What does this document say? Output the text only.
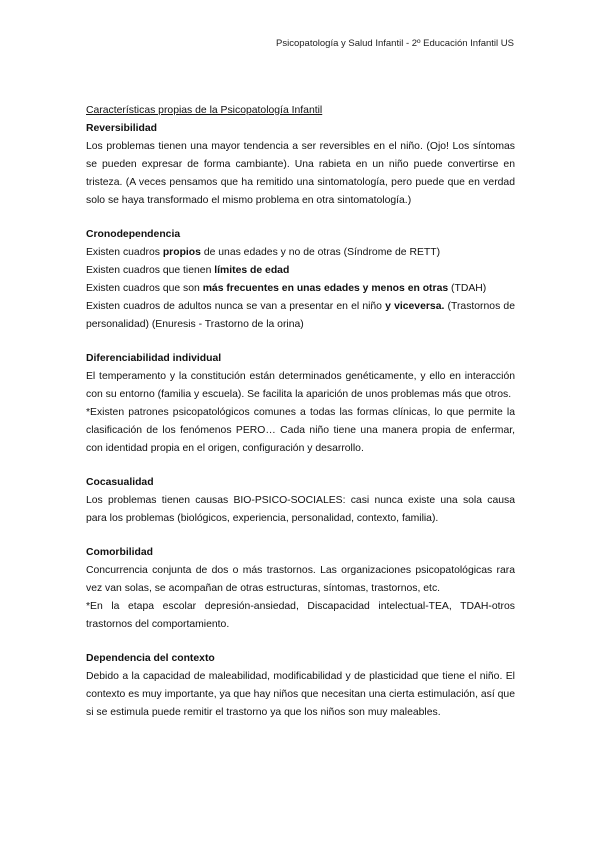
Psicopatología y Salud Infantil - 2º Educación Infantil US

Características propias de la Psicopatología Infantil

Reversibilidad

Los problemas tienen una mayor tendencia a ser reversibles en el niño. (Ojo! Los síntomas se pueden expresar de forma cambiante). Una rabieta en un niño puede convertirse en tristeza. (A veces pensamos que ha remitido una sintomatología, pero puede que en verdad solo se haya transformado el mismo problema en otra sintomatología.)

Cronodependencia

Existen cuadros propios de unas edades y no de otras (Síndrome de RETT)

Existen cuadros que tienen límites de edad

Existen cuadros que son más frecuentes en unas edades y menos en otras (TDAH)

Existen cuadros de adultos nunca se van a presentar en el niño y viceversa. (Trastornos de personalidad) (Enuresis - Trastorno de la orina)

Diferenciabilidad individual

El temperamento y la constitución están determinados genéticamente, y ello en interacción con su entorno (familia y escuela). Se facilita la aparición de unos problemas más que otros.

*Existen patrones psicopatológicos comunes a todas las formas clínicas, lo que permite la clasificación de los fenómenos PERO… Cada niño tiene una manera propia de enfermar, con identidad propia en el origen, configuración y desarrollo.

Cocasualidad

Los problemas tienen causas BIO-PSICO-SOCIALES: casi nunca existe una sola causa para los problemas (biológicos, experiencia, personalidad, contexto, familia).

Comorbilidad

Concurrencia conjunta de dos o más trastornos. Las organizaciones psicopatológicas rara vez van solas, se acompañan de otras estructuras, síntomas, trastornos, etc.

*En la etapa escolar depresión-ansiedad, Discapacidad intelectual-TEA, TDAH-otros trastornos del comportamiento.

Dependencia del contexto

Debido a la capacidad de maleabilidad, modificabilidad y de plasticidad que tiene el niño. El contexto es muy importante, ya que hay niños que necesitan una cierta estimulación, así que si se estimula puede remitir el trastorno ya que los niños son muy maleables.
